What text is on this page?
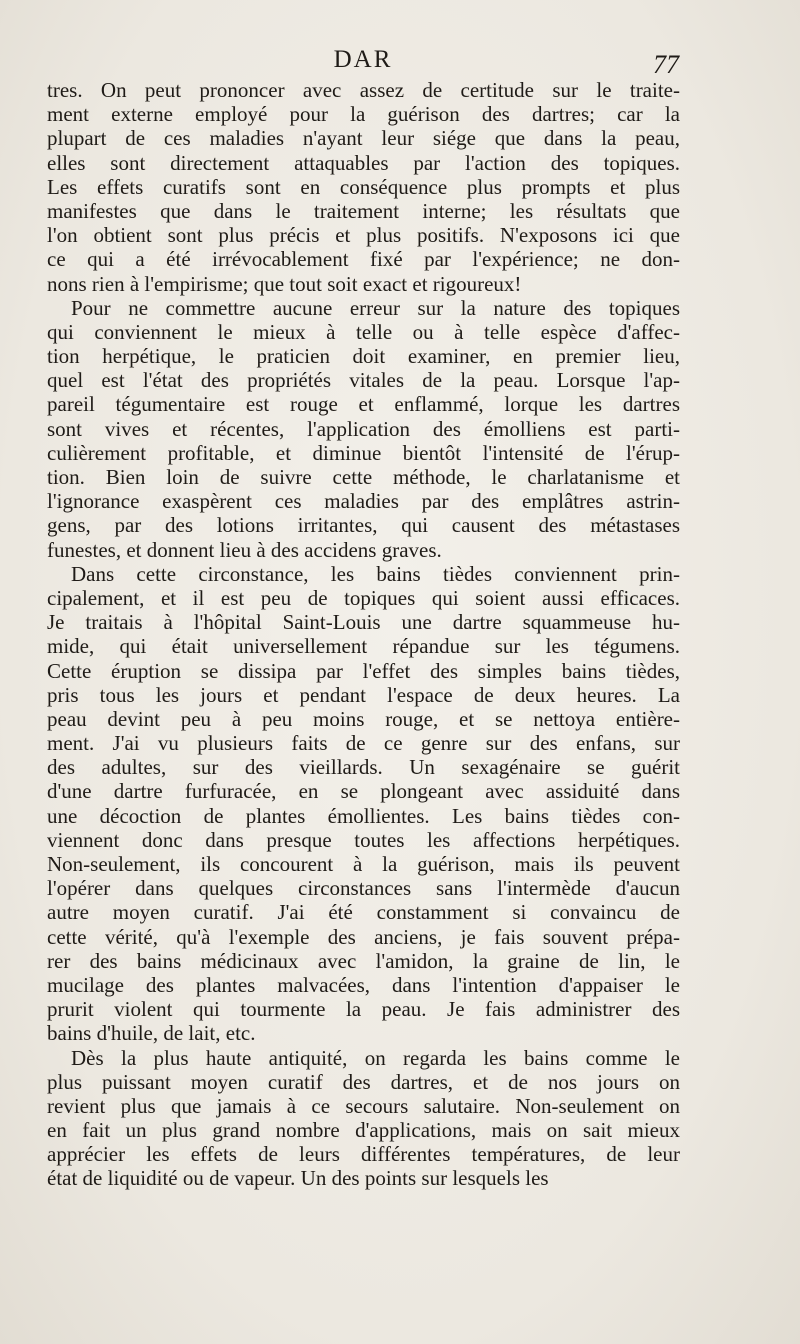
DAR	77
tres. On peut prononcer avec assez de certitude sur le traite-
ment externe employé pour la guérison des dartres; car la
plupart de ces maladies n'ayant leur siége que dans la peau,
elles sont directement attaquables par l'action des topiques.
Les effets curatifs sont en conséquence plus prompts et plus
manifestes que dans le traitement interne; les résultats que
l'on obtient sont plus précis et plus positifs. N'exposons ici que
ce qui a été irrévocablement fixé par l'expérience; ne don-
nons rien à l'empirisme; que tout soit exact et rigoureux!
Pour ne commettre aucune erreur sur la nature des topiques
qui conviennent le mieux à telle ou à telle espèce d'affec-
tion herpétique, le praticien doit examiner, en premier lieu,
quel est l'état des propriétés vitales de la peau. Lorsque l'ap-
pareil tégumentaire est rouge et enflammé, lorque les dartres
sont vives et récentes, l'application des émolliens est parti-
culièrement profitable, et diminue bientôt l'intensité de l'érup-
tion. Bien loin de suivre cette méthode, le charlatanisme et
l'ignorance exaspèrent ces maladies par des emplâtres astrin-
gens, par des lotions irritantes, qui causent des métastases
funestes, et donnent lieu à des accidens graves.
Dans cette circonstance, les bains tièdes conviennent prin-
cipalement, et il est peu de topiques qui soient aussi efficaces.
Je traitais à l'hôpital Saint-Louis une dartre squammeuse hu-
mide, qui était universellement répandue sur les tégumens.
Cette éruption se dissipa par l'effet des simples bains tièdes,
pris tous les jours et pendant l'espace de deux heures. La
peau devint peu à peu moins rouge, et se nettoya entière-
ment. J'ai vu plusieurs faits de ce genre sur des enfans, sur
des adultes, sur des vieillards. Un sexagénaire se guérit
d'une dartre furfuracée, en se plongeant avec assiduité dans
une décoction de plantes émollientes. Les bains tièdes con-
viennent donc dans presque toutes les affections herpétiques.
Non-seulement, ils concourent à la guérison, mais ils peuvent
l'opérer dans quelques circonstances sans l'intermède d'aucun
autre moyen curatif. J'ai été constamment si convaincu de
cette vérité, qu'à l'exemple des anciens, je fais souvent prépa-
rer des bains médicinaux avec l'amidon, la graine de lin, le
mucilage des plantes malvacées, dans l'intention d'appaiser le
prurit violent qui tourmente la peau. Je fais administrer des
bains d'huile, de lait, etc.
Dès la plus haute antiquité, on regarda les bains comme le
plus puissant moyen curatif des dartres, et de nos jours on
revient plus que jamais à ce secours salutaire. Non-seulement on
en fait un plus grand nombre d'applications, mais on sait mieux
apprécier les effets de leurs différentes températures, de leur
état de liquidité ou de vapeur. Un des points sur lesquels les
